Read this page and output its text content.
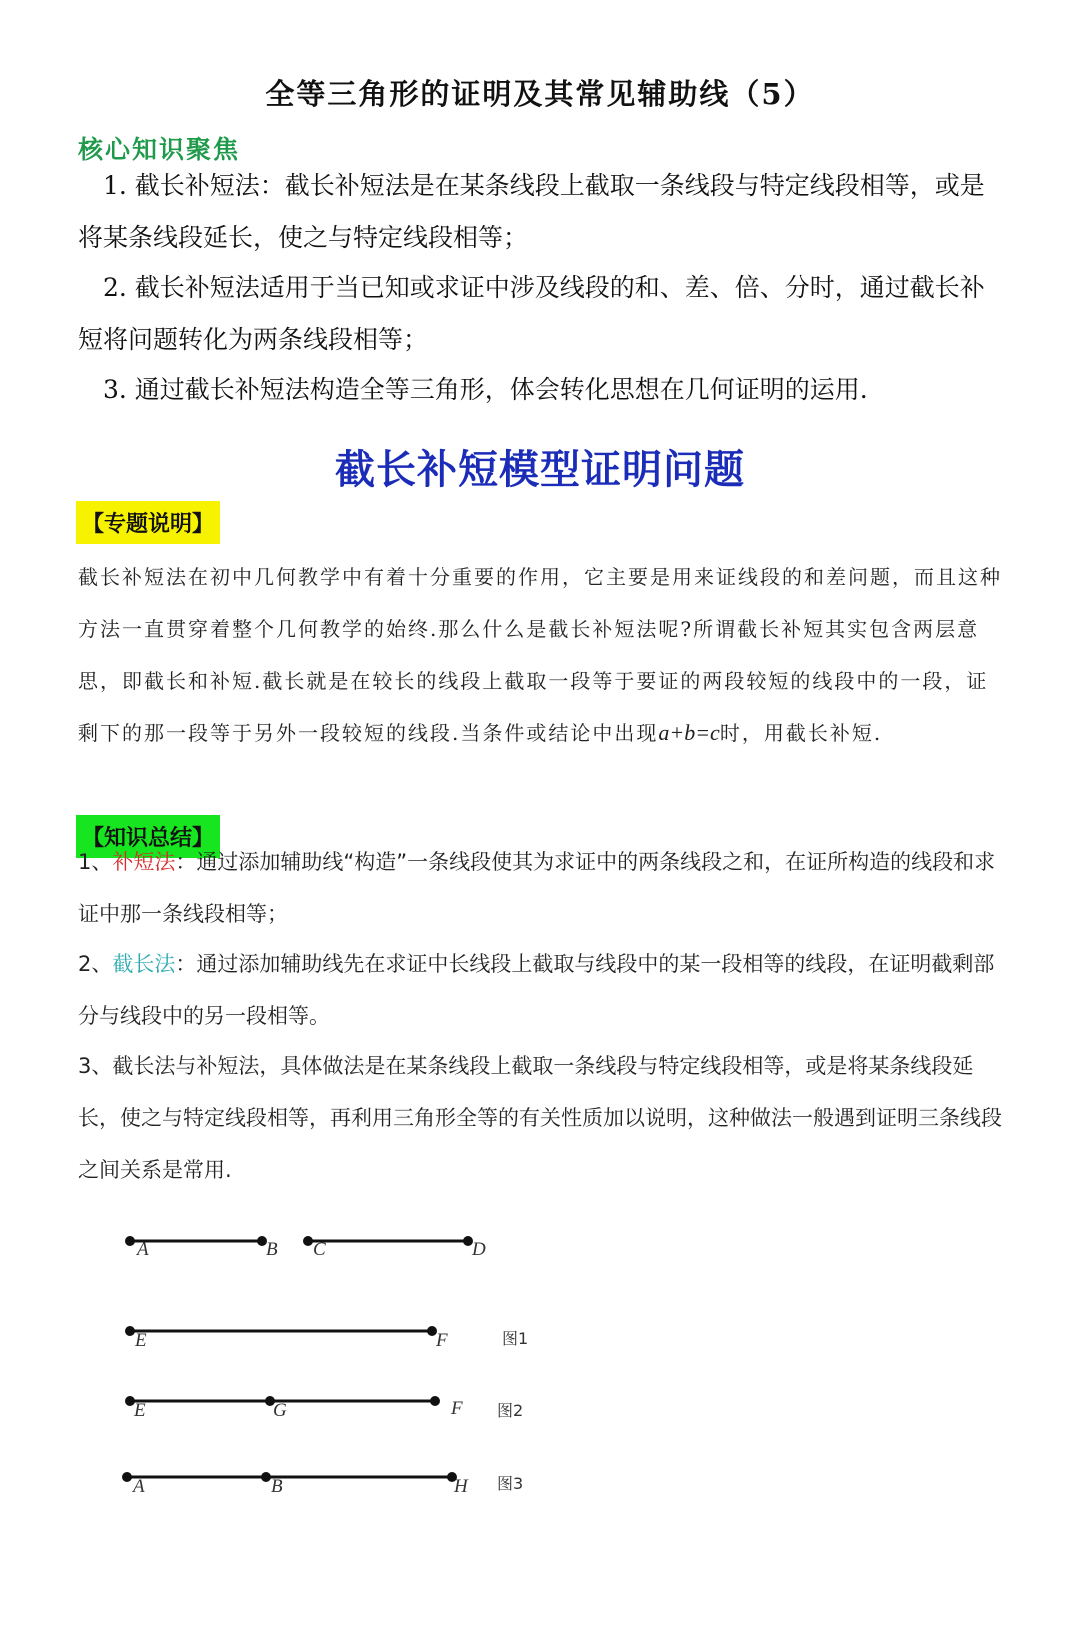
全等三角形的证明及其常见辅助线（5）
核心知识聚焦
1. 截长补短法：截长补短法是在某条线段上截取一条线段与特定线段相等，或是将某条线段延长，使之与特定线段相等；
2. 截长补短法适用于当已知或求证中涉及线段的和、差、倍、分时，通过截长补短将问题转化为两条线段相等；
3. 通过截长补短法构造全等三角形，体会转化思想在几何证明的运用.
截长补短模型证明问题
【专题说明】
截长补短法在初中几何教学中有着十分重要的作用，它主要是用来证线段的和差问题，而且这种方法一直贯穿着整个几何教学的始终.那么什么是截长补短法呢?所谓截长补短其实包含两层意思，即截长和补短.截长就是在较长的线段上截取一段等于要证的两段较短的线段中的一段，证剩下的那一段等于另外一段较短的线段.当条件或结论中出现a+b=c时，用截长补短.
【知识总结】
1、补短法：通过添加辅助线“构造”一条线段使其为求证中的两条线段之和，在证所构造的线段和求证中那一条线段相等；
2、截长法：通过添加辅助线先在求证中长线段上截取与线段中的某一段相等的线段，在证明截剩部分与线段中的另一段相等。
3、截长法与补短法，具体做法是在某条线段上截取一条线段与特定线段相等，或是将某条线段延长，使之与特定线段相等，再利用三角形全等的有关性质加以说明，这种做法一般遇到证明三条线段之间关系是常用.
A	B C	D
E	F	图1
E	G	F 图2
A	B	H 图3
